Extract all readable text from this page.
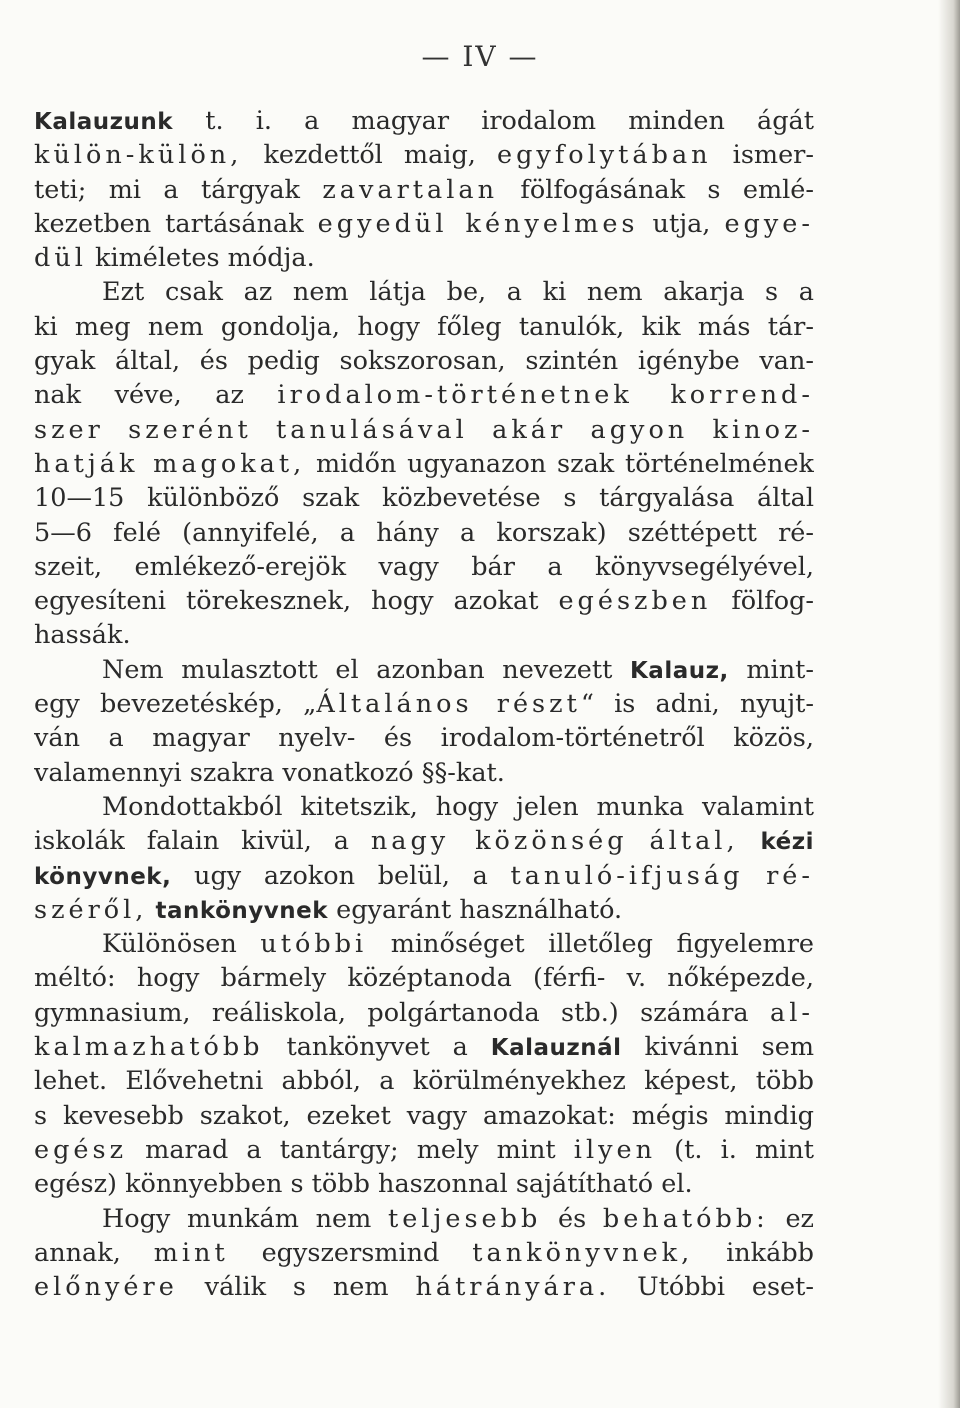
— IV —
Kalauzunk t. i. a magyar irodalom minden ágát
külön-külön, kezdettől maig, egyfolytában ismer-
teti; mi a tárgyak zavartalan fölfogásának s emlé-
kezetben tartásának egyedül kényelmes utja, egye-
dül kiméletes módja.
Ezt csak az nem látja be, a ki nem akarja s a
ki meg nem gondolja, hogy főleg tanulók, kik más tár-
gyak által, és pedig sokszorosan, szintén igénybe van-
nak véve, az irodalom-történetnek korrend-
szer szerént tanulásával akár agyon kinoz-
hatják magokat, midőn ugyanazon szak történelmének
10—15 különböző szak közbevetése s tárgyalása által
5—6 felé (annyifelé, a hány a korszak) széttépett ré-
szeit, emlékező-erejök vagy bár a könyvsegélyével,
egyesíteni törekesznek, hogy azokat egészben fölfog-
hassák.
Nem mulasztott el azonban nevezett Kalauz, mint-
egy bevezetéskép, „Általános részt“ is adni, nyujt-
ván a magyar nyelv- és irodalom-történetről közös,
valamennyi szakra vonatkozó §§-kat.
Mondottakból kitetszik, hogy jelen munka valamint
iskolák falain kivül, a nagy közönség által, kézi
könyvnek, ugy azokon belül, a tanuló-ifjuság ré-
széről, tankönyvnek egyaránt használható.
Különösen utóbbi minőséget illetőleg figyelemre
méltó: hogy bármely középtanoda (férfi- v. nőképezde,
gymnasium, reáliskola, polgártanoda stb.) számára al-
kalmazhatóbb tankönyvet a Kalauznál kivánni sem
lehet. Elővehetni abból, a körülményekhez képest, több
s kevesebb szakot, ezeket vagy amazokat: mégis mindig
egész marad a tantárgy; mely mint ilyen (t. i. mint
egész) könnyebben s több haszonnal sajátítható el.
Hogy munkám nem teljesebb és behatóbb: ez
annak, mint egyszersmind tankönyvnek, inkább
előnyére válik s nem hátrányára. Utóbbi eset-
